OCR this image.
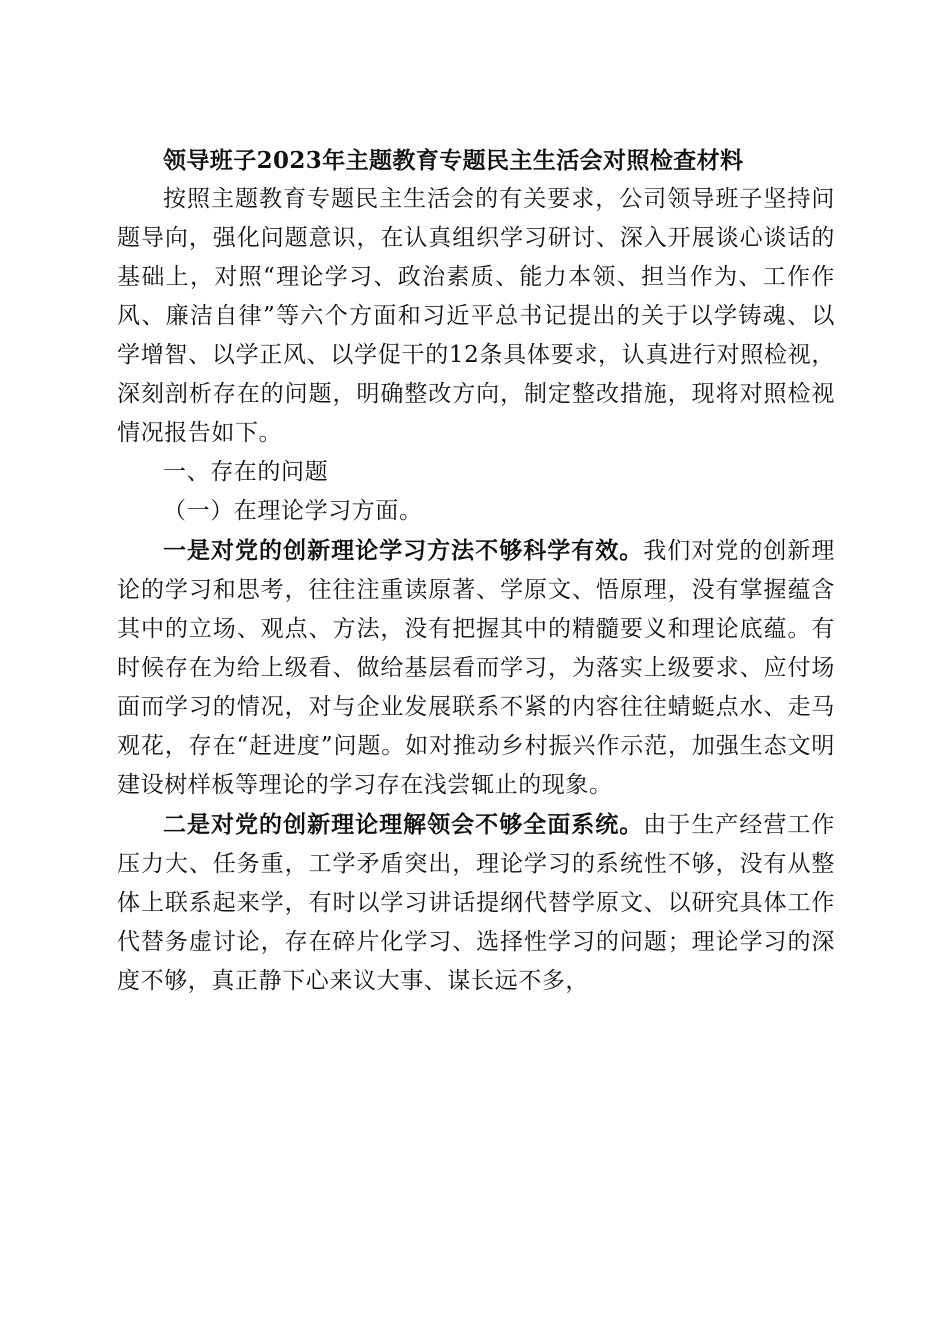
领导班子2023年主题教育专题民主生活会对照检查材料

按照主题教育专题民主生活会的有关要求，公司领导班子坚持问题导向，强化问题意识，在认真组织学习研讨、深入开展谈心谈话的基础上，对照“理论学习、政治素质、能力本领、担当作为、工作作风、廉洁自律”等六个方面和习近平总书记提出的关于以学铸魂、以学增智、以学正风、以学促干的12条具体要求，认真进行对照检视，深刻剖析存在的问题，明确整改方向，制定整改措施，现将对照检视情况报告如下。

一、存在的问题

（一）在理论学习方面。

一是对党的创新理论学习方法不够科学有效。我们对党的创新理论的学习和思考，往往注重读原著、学原文、悟原理，没有掌握蕴含其中的立场、观点、方法，没有把握其中的精髓要义和理论底蕴。有时候存在为给上级看、做给基层看而学习，为落实上级要求、应付场面而学习的情况，对与企业发展联系不紧的内容往往蜻蜓点水、走马观花，存在“赶进度”问题。如对推动乡村振兴作示范，加强生态文明建设树样板等理论的学习存在浅尝辄止的现象。

二是对党的创新理论理解领会不够全面系统。由于生产经营工作压力大、任务重，工学矛盾突出，理论学习的系统性不够，没有从整体上联系起来学，有时以学习讲话提纲代替学原文、以研究具体工作代替务虚讨论，存在碎片化学习、选择性学习的问题；理论学习的深度不够，真正静下心来议大事、谋长远不多，
